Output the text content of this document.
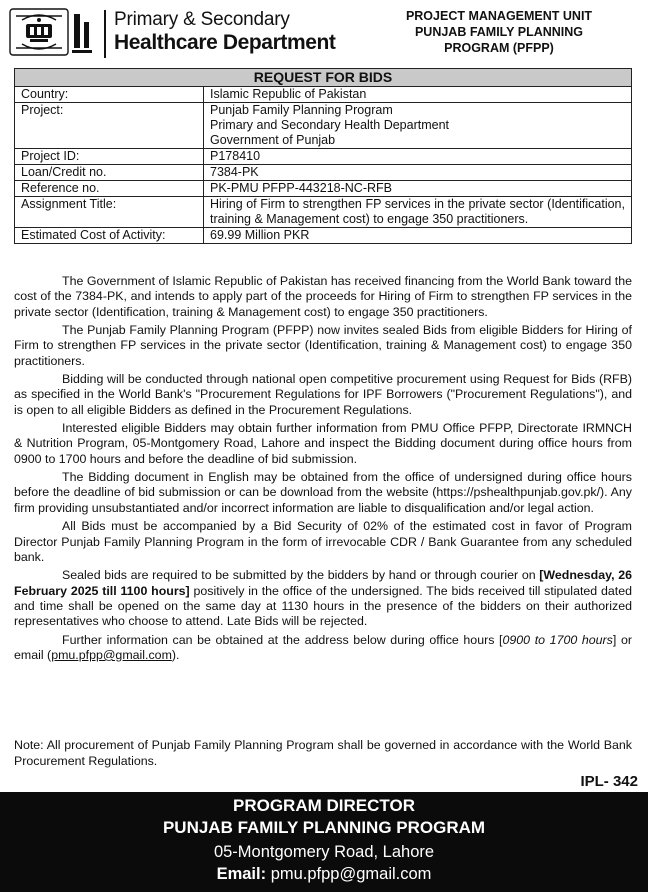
Primary & Secondary
Healthcare Department
PROJECT MANAGEMENT UNIT
PUNJAB FAMILY PLANNING
PROGRAM (PFPP)
REQUEST FOR BIDS	
Country:	Islamic Republic of Pakistan

Project:	Punjab Family Planning Program
Primary and Secondary Health Department
Government of Punjab

Project ID:	P178410

Loan/Credit no.	7384-PK

Reference no.	PK-PMU PFPP-443218-NC-RFB

Assignment Title:	Hiring of Firm to strengthen FP services in the private sector (Identification, training & Management cost) to engage 350 practitioners.
Estimated Cost of Activity:	69.99 Million PKR

The Government of Islamic Republic of Pakistan has received financing from the World Bank toward the cost of the 7384-PK, and intends to apply part of the proceeds for Hiring of Firm to strengthen FP services in the private sector (Identification, training & Management cost) to engage 350 practitioners.

The Punjab Family Planning Program (PFPP) now invites sealed Bids from eligible Bidders for Hiring of Firm to strengthen FP services in the private sector (Identification, training & Management cost) to engage 350 practitioners.

Bidding will be conducted through national open competitive procurement using Request for Bids (RFB) as specified in the World Bank's "Procurement Regulations for IPF Borrowers ("Procurement Regulations"), and is open to all eligible Bidders as defined in the Procurement Regulations.

Interested eligible Bidders may obtain further information from PMU Office PFPP, Directorate IRMNCH & Nutrition Program, 05-Montgomery Road, Lahore and inspect the Bidding document during office hours from 0900 to 1700 hours and before the deadline of bid submission.

The Bidding document in English may be obtained from the office of undersigned during office hours before the deadline of bid submission or can be download from the website (https://pshealthpunjab.gov.pk/). Any firm providing unsubstantiated and/or incorrect information are liable to disqualification and/or legal action.

All Bids must be accompanied by a Bid Security of 02% of the estimated cost in favor of Program Director Punjab Family Planning Program in the form of irrevocable CDR / Bank Guarantee from any scheduled bank.

Sealed bids are required to be submitted by the bidders by hand or through courier on [Wednesday, 26 February 2025 till 1100 hours] positively in the office of the undersigned. The bids received till stipulated dated and time shall be opened on the same day at 1130 hours in the presence of the bidders on their authorized representatives who choose to attend. Late Bids will be rejected.

Further information can be obtained at the address below during office hours [0900 to 1700 hours] or email (pmu.pfpp@gmail.com).

Note: All procurement of Punjab Family Planning Program shall be governed in accordance with the World Bank Procurement Regulations.
IPL- 342
PROGRAM DIRECTOR
PUNJAB FAMILY PLANNING PROGRAM
05-Montgomery Road, Lahore
Email: pmu.pfpp@gmail.com
